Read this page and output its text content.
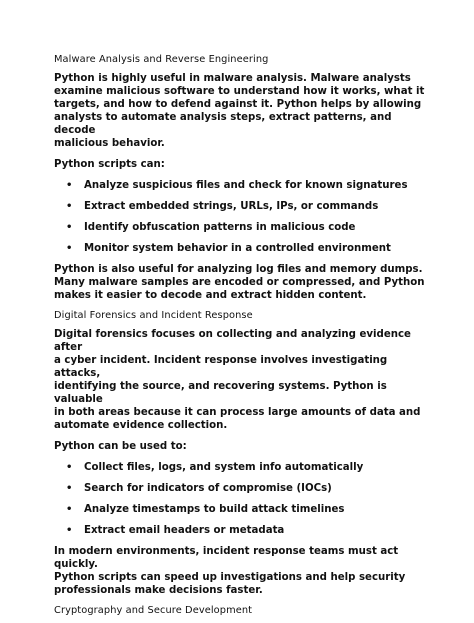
Malware Analysis and Reverse Engineering
Python is highly useful in malware analysis. Malware analysts
examine malicious software to understand how it works, what it
targets, and how to defend against it. Python helps by allowing
analysts to automate analysis steps, extract patterns, and decode
malicious behavior.
Python scripts can:
• Analyze suspicious files and check for known signatures
• Extract embedded strings, URLs, IPs, or commands
• Identify obfuscation patterns in malicious code
• Monitor system behavior in a controlled environment
Python is also useful for analyzing log files and memory dumps.
Many malware samples are encoded or compressed, and Python
makes it easier to decode and extract hidden content.
Digital Forensics and Incident Response
Digital forensics focuses on collecting and analyzing evidence after
a cyber incident. Incident response involves investigating attacks,
identifying the source, and recovering systems. Python is valuable
in both areas because it can process large amounts of data and
automate evidence collection.
Python can be used to:
• Collect files, logs, and system info automatically
• Search for indicators of compromise (IOCs)
• Analyze timestamps to build attack timelines
• Extract email headers or metadata
In modern environments, incident response teams must act quickly.
Python scripts can speed up investigations and help security
professionals make decisions faster.
Cryptography and Secure Development
